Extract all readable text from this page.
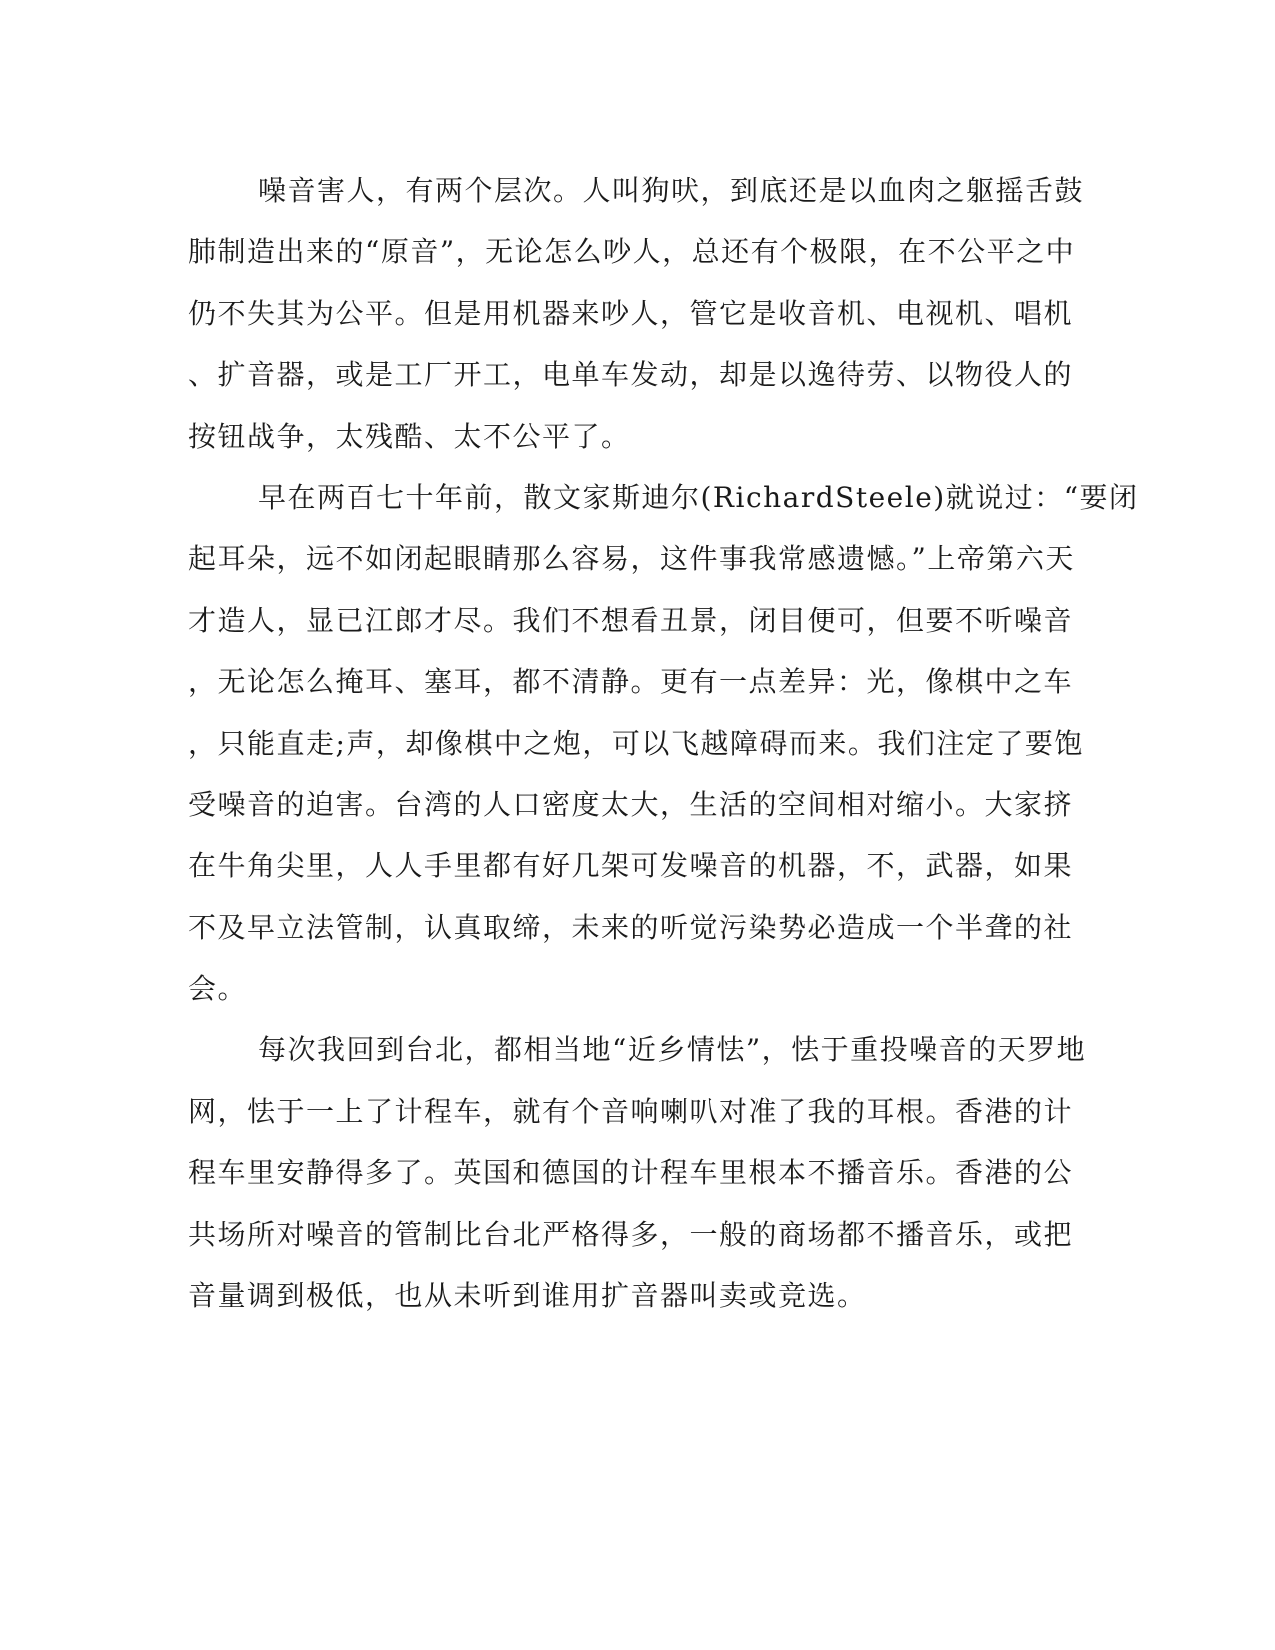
噪音害人，有两个层次。人叫狗吠，到底还是以血肉之躯摇舌鼓
肺制造出来的“原音”，无论怎么吵人，总还有个极限，在不公平之中
仍不失其为公平。但是用机器来吵人，管它是收音机、电视机、唱机
、扩音器，或是工厂开工，电单车发动，却是以逸待劳、以物役人的
按钮战争，太残酷、太不公平了。
早在两百七十年前，散文家斯迪尔(RichardSteele)就说过：“要闭
起耳朵，远不如闭起眼睛那么容易，这件事我常感遗憾。”上帝第六天
才造人，显已江郎才尽。我们不想看丑景，闭目便可，但要不听噪音
，无论怎么掩耳、塞耳，都不清静。更有一点差异：光，像棋中之车
，只能直走;声，却像棋中之炮，可以飞越障碍而来。我们注定了要饱
受噪音的迫害。台湾的人口密度太大，生活的空间相对缩小。大家挤
在牛角尖里，人人手里都有好几架可发噪音的机器，不，武器，如果
不及早立法管制，认真取缔，未来的听觉污染势必造成一个半聋的社
会。
每次我回到台北，都相当地“近乡情怯”，怯于重投噪音的天罗地
网，怯于一上了计程车，就有个音响喇叭对准了我的耳根。香港的计
程车里安静得多了。英国和德国的计程车里根本不播音乐。香港的公
共场所对噪音的管制比台北严格得多，一般的商场都不播音乐，或把
音量调到极低，也从未听到谁用扩音器叫卖或竞选。
